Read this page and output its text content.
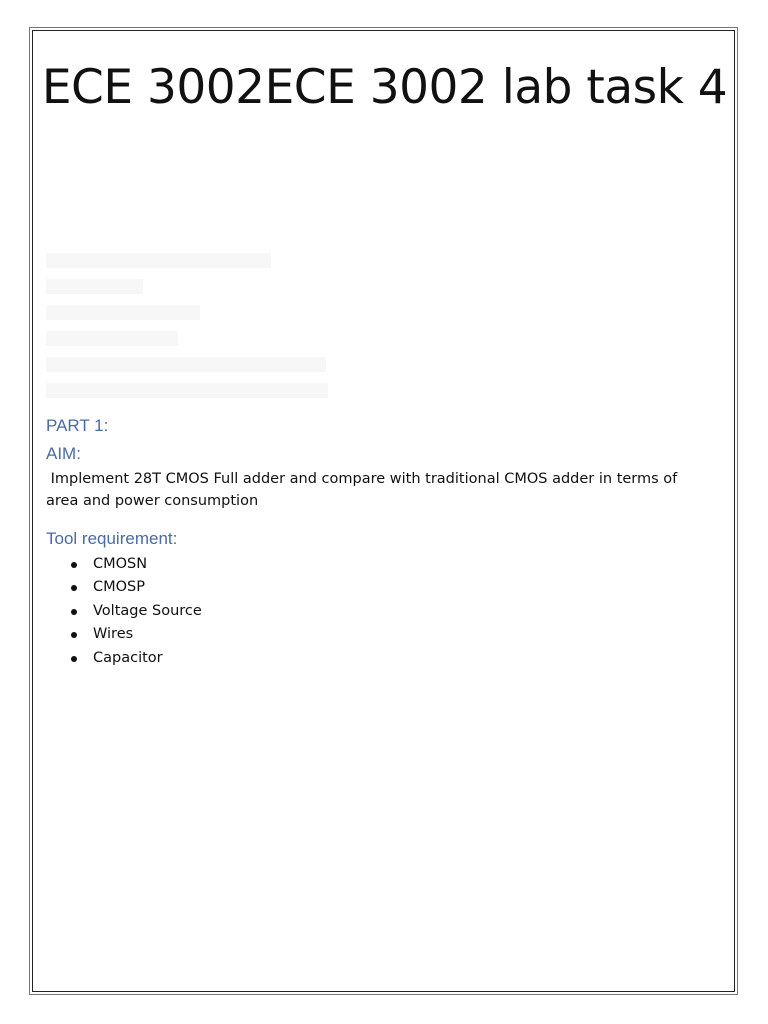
ECE 3002ECE 3002 lab task 4
PART 1:
AIM:

Implement 28T CMOS Full adder and compare with traditional CMOS adder in terms of area and power consumption

Tool requirement:
CMOSN
CMOSP
Voltage Source
Wires
Capacitor
